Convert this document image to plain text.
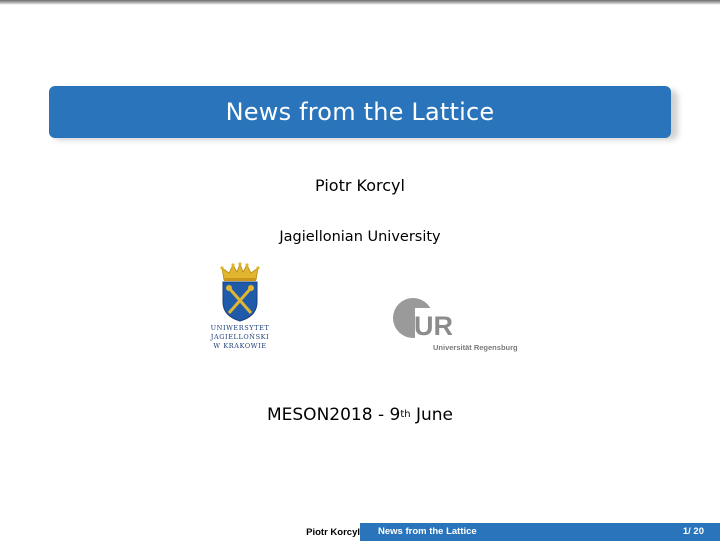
News from the Lattice
Piotr Korcyl
Jagiellonian University
UNIWERSYTET
JAGIELLOŃSKI
W KRAKOWIE
UR
Universität Regensburg
MESON2018 - 9th June
Piotr Korcyl News from the Lattice	1/ 20
